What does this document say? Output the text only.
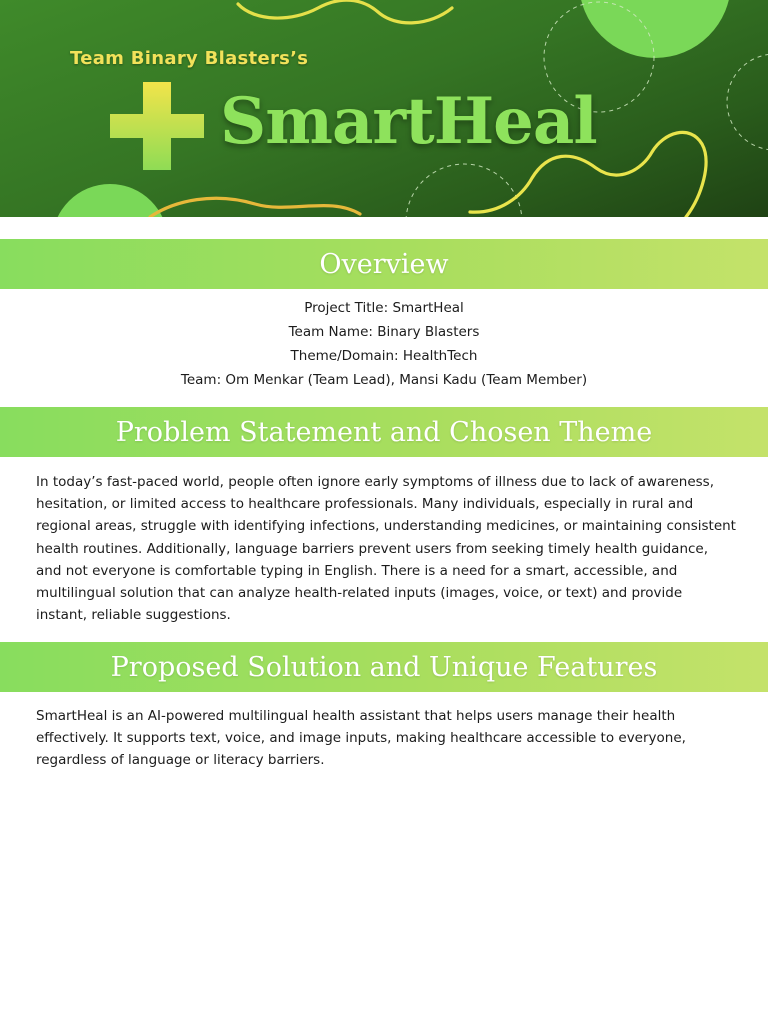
Team Binary Blasters’s
SmartHeal
Overview
Project Title: SmartHeal
Team Name: Binary Blasters
Theme/Domain: HealthTech
Team: Om Menkar (Team Lead), Mansi Kadu (Team Member)
Problem Statement and Chosen Theme

In today’s fast-paced world, people often ignore early symptoms of illness due to lack of awareness, hesitation, or limited access to healthcare professionals. Many individuals, especially in rural and regional areas, struggle with identifying infections, understanding medicines, or maintaining consistent health routines. Additionally, language barriers prevent users from seeking timely health guidance, and not everyone is comfortable typing in English. There is a need for a smart, accessible, and multilingual solution that can analyze health-related inputs (images, voice, or text) and provide instant, reliable suggestions.

Proposed Solution and Unique Features

SmartHeal is an AI-powered multilingual health assistant that helps users manage their health effectively. It supports text, voice, and image inputs, making healthcare accessible to everyone, regardless of language or literacy barriers.
